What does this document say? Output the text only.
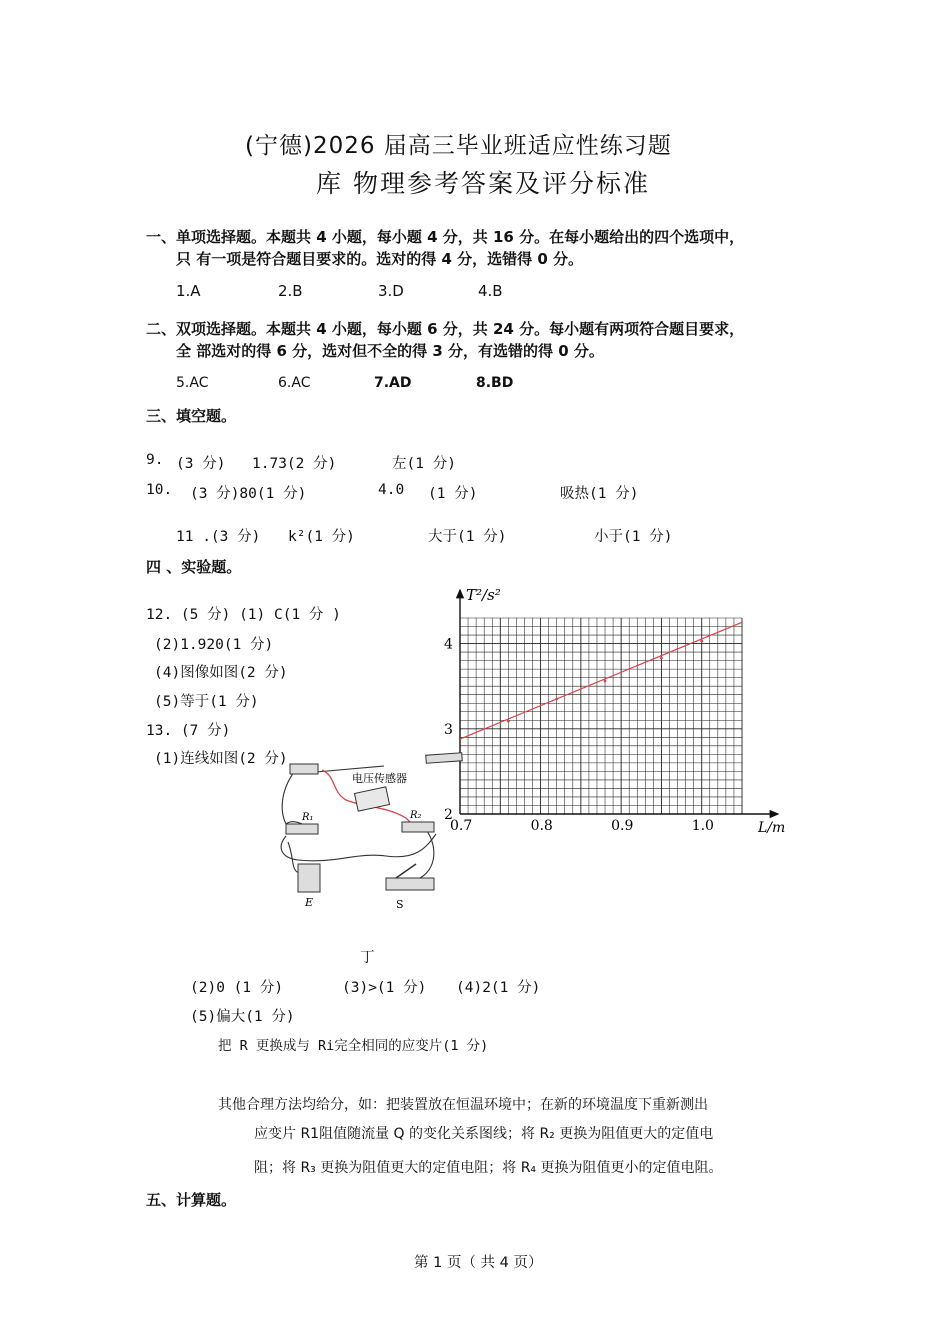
(宁德)2026 届高三毕业班适应性练习题
库 物理参考答案及评分标准
一、单项选择题。本题共 4 小题，每小题 4 分，共 16 分。在每小题给出的四个选项中，
只 有一项是符合题目要求的。选对的得 4 分，选错得 0 分。
1.A	2.B	3.D	4.B
二、双项选择题。本题共 4 小题，每小题 6 分，共 24 分。每小题有两项符合题目要求，
全 部选对的得 6 分，选对但不全的得 3 分，有选错的得 0 分。
5.AC	6.AC	7.AD	8.BD
三、填空题。
9. (3 分) 1.73(2 分)	左(1 分)
10. (3 分)80(1 分)	4.0 (1 分)	吸热(1 分)
11 .(3 分) k²(1 分)	大于(1 分)	小于(1 分)
四 、实验题。
12. (5 分) (1) C(1 分 )
(2)1.920(1 分)
(4)图像如图(2 分)
(5)等于(1 分)
13. (7 分)
(1)连线如图(2 分)
0.7	0.8	0.9	1.0
2
3
4
T²/s²
L/m
电压传感器
R₁	R₂
E	S
丁
(2)0 (1 分)	(3)>(1 分) (4)2(1 分)
(5)偏大(1 分)
把 R 更换成与 Ri完全相同的应变片(1 分)
其他合理方法均给分，如：把装置放在恒温环境中；在新的环境温度下重新测出
应变片 R1阻值随流量 Q 的变化关系图线；将 R₂ 更换为阻值更大的定值电
阻；将 R₃ 更换为阻值更大的定值电阻；将 R₄ 更换为阻值更小的定值电阻。
五、计算题。
第 1 页（ 共 4 页）
